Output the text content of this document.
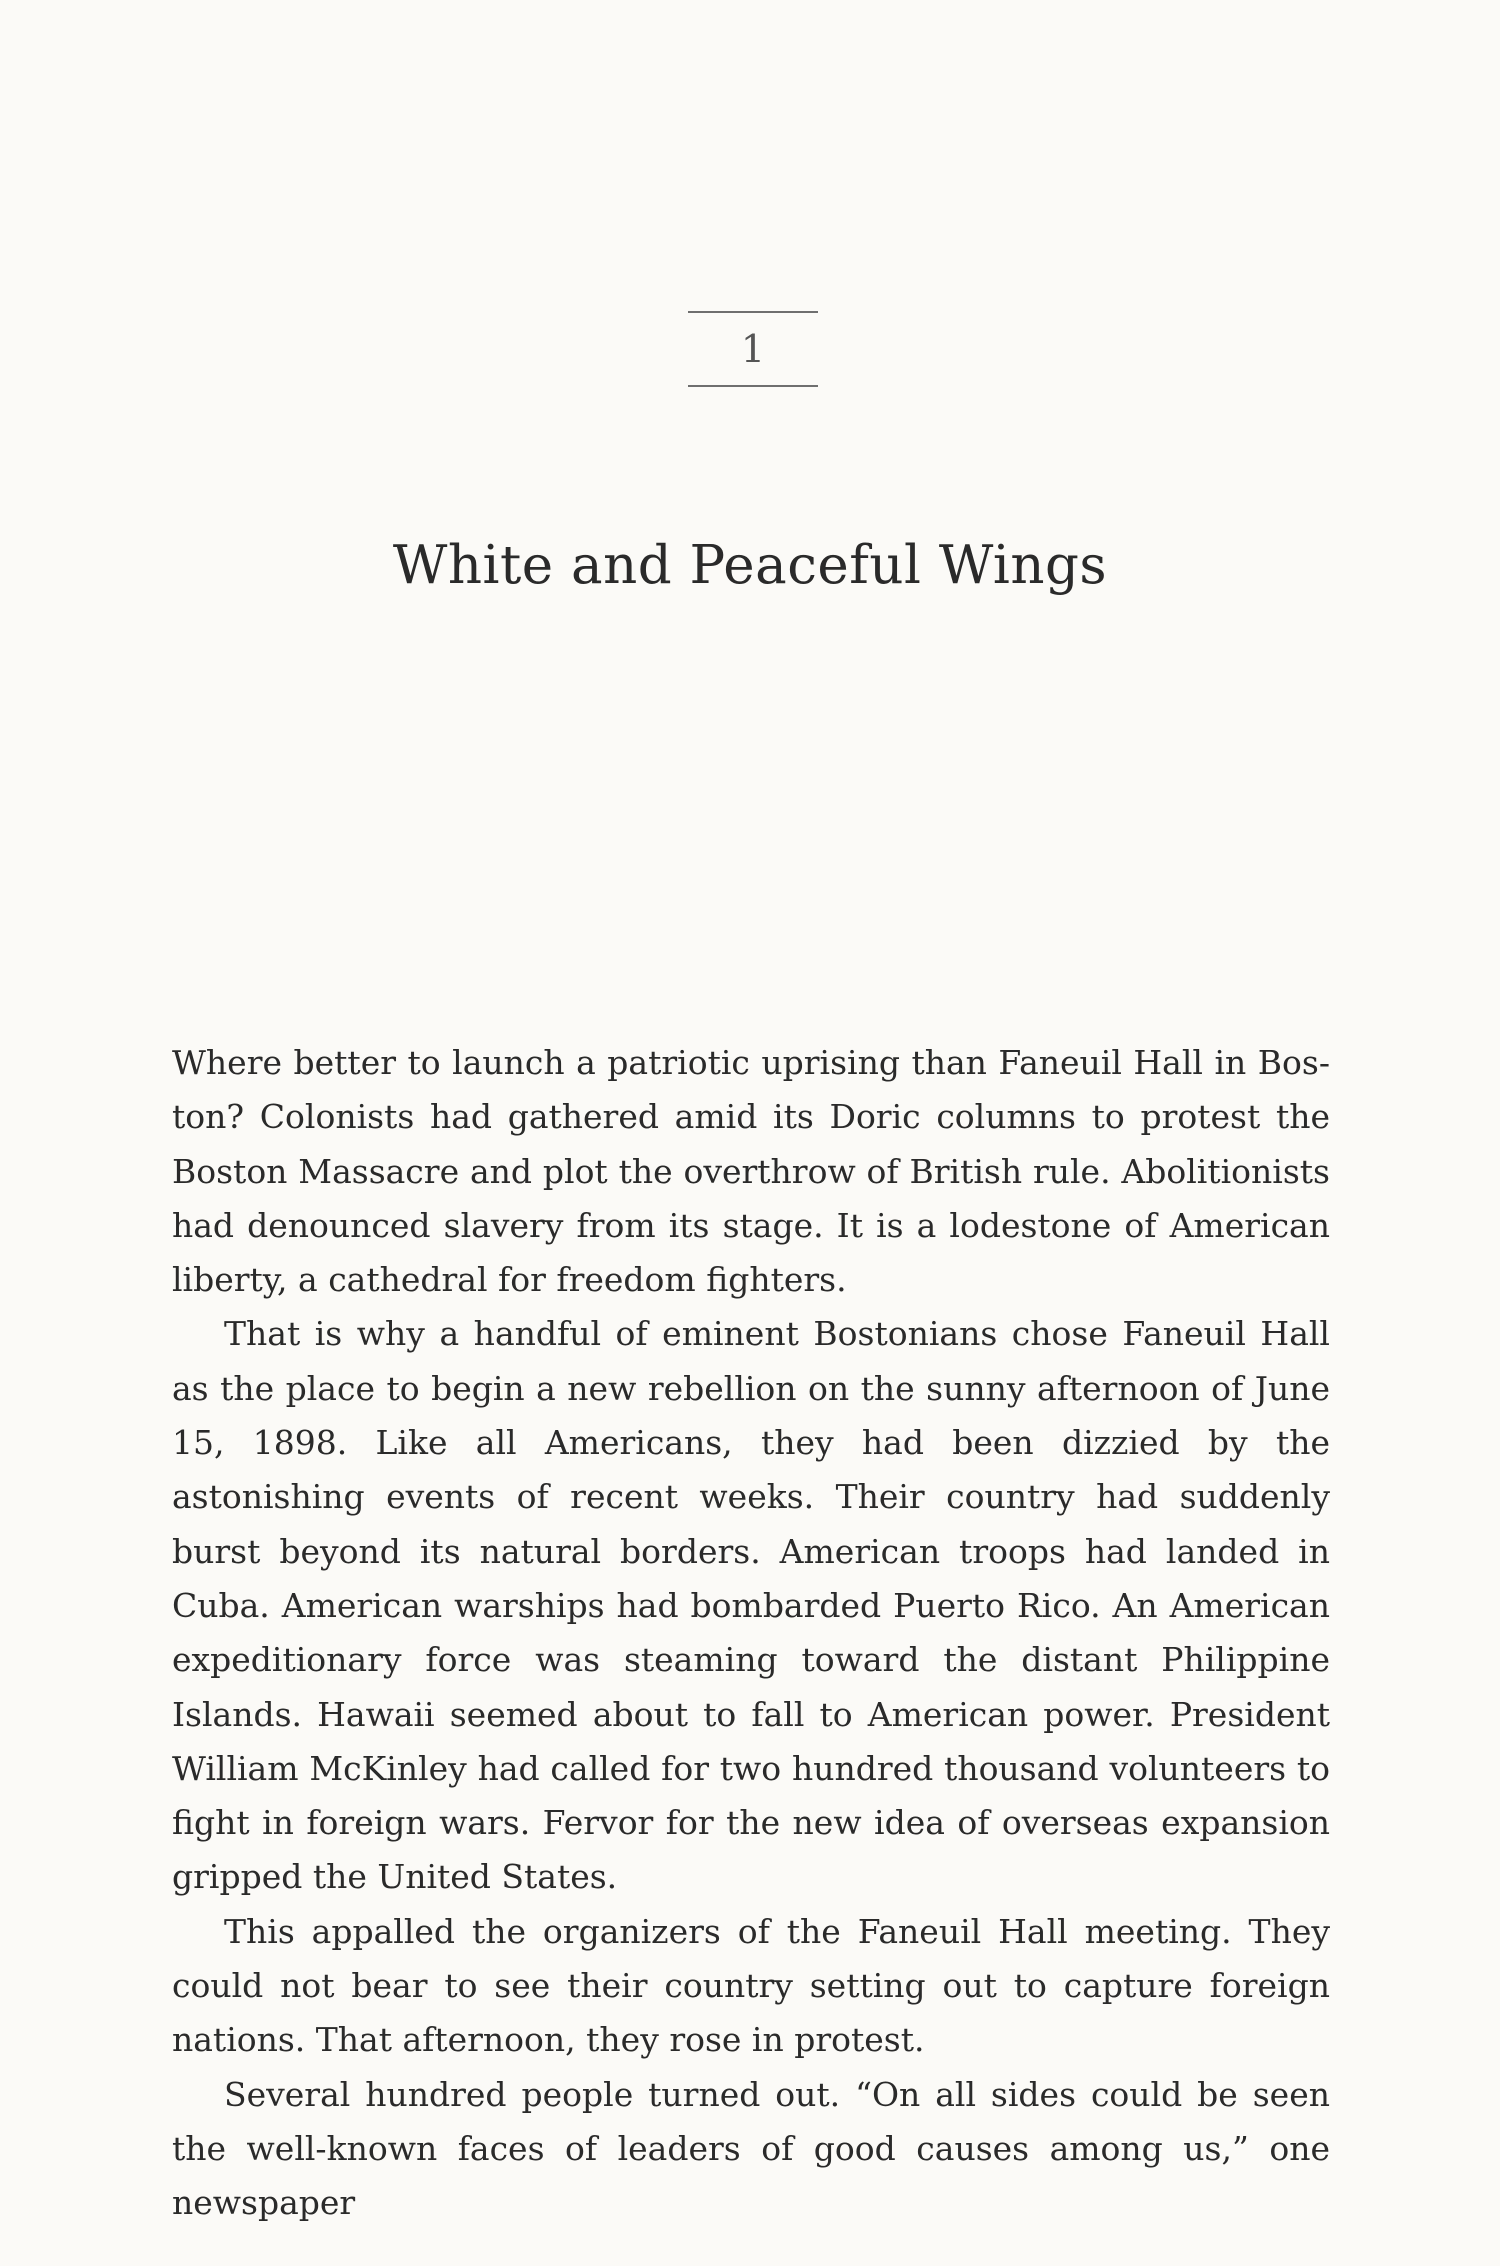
1
White and Peaceful Wings

Where better to launch a patriotic uprising than Faneuil Hall in Boston? Colonists had gathered amid its Doric columns to protest the Boston Massacre and plot the overthrow of British rule. Abolitionists had denounced slavery from its stage. It is a lodestone of American liberty, a cathedral for freedom fighters.

That is why a handful of eminent Bostonians chose Faneuil Hall as the place to begin a new rebellion on the sunny afternoon of June 15, 1898. Like all Americans, they had been dizzied by the astonishing events of recent weeks. Their country had suddenly burst beyond its natural borders. American troops had landed in Cuba. American warships had bombarded Puerto Rico. An American expeditionary force was steaming toward the distant Philippine Islands. Hawaii seemed about to fall to American power. President William McKinley had called for two hundred thousand volunteers to fight in foreign wars. Fervor for the new idea of overseas expansion gripped the United States.

This appalled the organizers of the Faneuil Hall meeting. They could not bear to see their country setting out to capture foreign nations. That afternoon, they rose in protest.

Several hundred people turned out. “On all sides could be seen the well-known faces of leaders of good causes among us,” one newspaper
